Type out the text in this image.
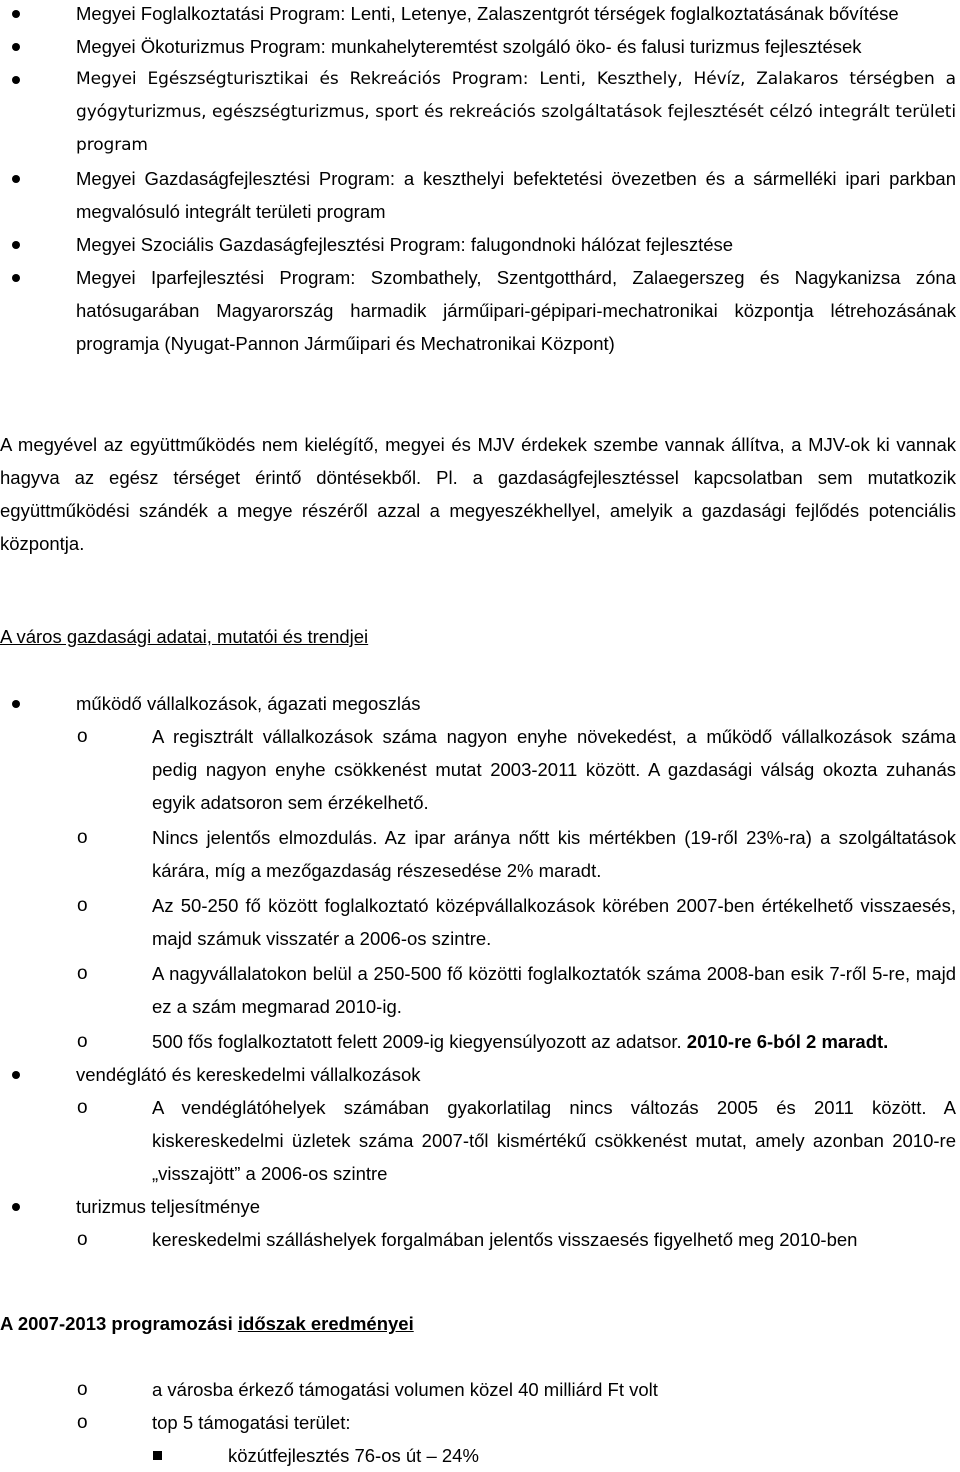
Megyei Foglalkoztatási Program: Lenti, Letenye, Zalaszentgrót térségek foglalkoztatásának bővítése
Megyei Ökoturizmus Program: munkahelyteremtést szolgáló öko- és falusi turizmus fejlesztések
Megyei Egészségturisztikai és Rekreációs Program: Lenti, Keszthely, Hévíz, Zalakaros térségben a gyógyturizmus, egészségturizmus, sport és rekreációs szolgáltatások fejlesztését célzó integrált területi program
Megyei Gazdaságfejlesztési Program: a keszthelyi befektetési övezetben és a sármelléki ipari parkban megvalósuló integrált területi program
Megyei Szociális Gazdaságfejlesztési Program: falugondnoki hálózat fejlesztése
Megyei Iparfejlesztési Program: Szombathely, Szentgotthárd, Zalaegerszeg és Nagykanizsa zóna hatósugarában Magyarország harmadik járműipari-gépipari-mechatronikai központja létrehozásának programja (Nyugat-Pannon Járműipari és Mechatronikai Központ)
A megyével az együttműködés nem kielégítő, megyei és MJV érdekek szembe vannak állítva, a MJV-ok ki vannak hagyva az egész térséget érintő döntésekből. Pl. a gazdaságfejlesztéssel kapcsolatban sem mutatkozik együttműködési szándék a megye részéről azzal a megyeszékhellyel, amelyik a gazdasági fejlődés potenciális központja.
A város gazdasági adatai, mutatói és trendjei
működő vállalkozások, ágazati megoszlás
o	A regisztrált vállalkozások száma nagyon enyhe növekedést, a működő vállalkozások száma pedig nagyon enyhe csökkenést mutat 2003-2011 között. A gazdasági válság okozta zuhanás egyik adatsoron sem érzékelhető.
o	Nincs jelentős elmozdulás. Az ipar aránya nőtt kis mértékben (19-ről 23%-ra) a szolgáltatások kárára, míg a mezőgazdaság részesedése 2% maradt.
o	Az 50-250 fő között foglalkoztató középvállalkozások körében 2007-ben értékelhető visszaesés, majd számuk visszatér a 2006-os szintre.
o	A nagyvállalatokon belül a 250-500 fő közötti foglalkoztatók száma 2008-ban esik 7-ről 5-re, majd ez a szám megmarad 2010-ig.
o	500 fős foglalkoztatott felett 2009-ig kiegyensúlyozott az adatsor. 2010-re 6-ból 2 maradt.
vendéglátó és kereskedelmi vállalkozások
o	A vendéglátóhelyek számában gyakorlatilag nincs változás 2005 és 2011 között. A kiskereskedelmi üzletek száma 2007-től kismértékű csökkenést mutat, amely azonban 2010-re „visszajött” a 2006-os szintre
turizmus teljesítménye
o	kereskedelmi szálláshelyek forgalmában jelentős visszaesés figyelhető meg 2010-ben
A 2007-2013 programozási időszak eredményei
o	a városba érkező támogatási volumen közel 40 milliárd Ft volt
o	top 5 támogatási terület:
közútfejlesztés 76-os út – 24%
